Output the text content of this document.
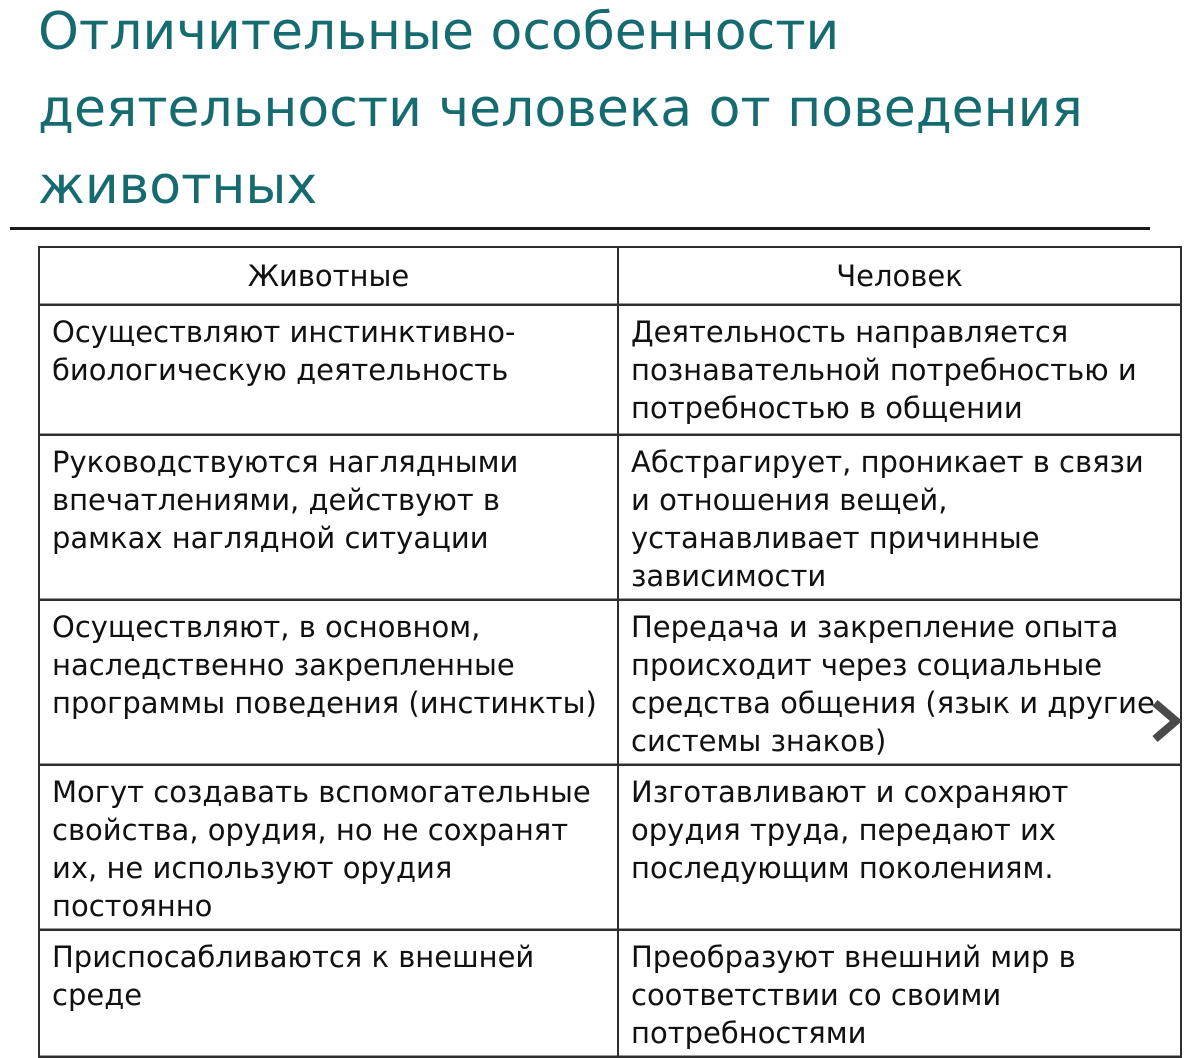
Отличительные особенности деятельности человека от поведения животных
Животные	Человек
Осуществляют инстинктивно-биологическую деятельность	Деятельность направляется познавательной потребностью и потребностью в общении
Руководствуются наглядными впечатлениями, действуют в рамках наглядной ситуации	Абстрагирует, проникает в связи и отношения вещей, устанавливает причинные зависимости
Осуществляют, в основном, наследственно закрепленные программы поведения (инстинкты)	Передача и закрепление опыта происходит через социальные средства общения (язык и другие системы знаков)
Могут создавать вспомогательные свойства, орудия, но не сохранят их, не используют орудия постоянно	Изготавливают и сохраняют орудия труда, передают их последующим поколениям.
Приспосабливаются к внешней среде	Преобразуют внешний мир в соответствии со своими потребностями
